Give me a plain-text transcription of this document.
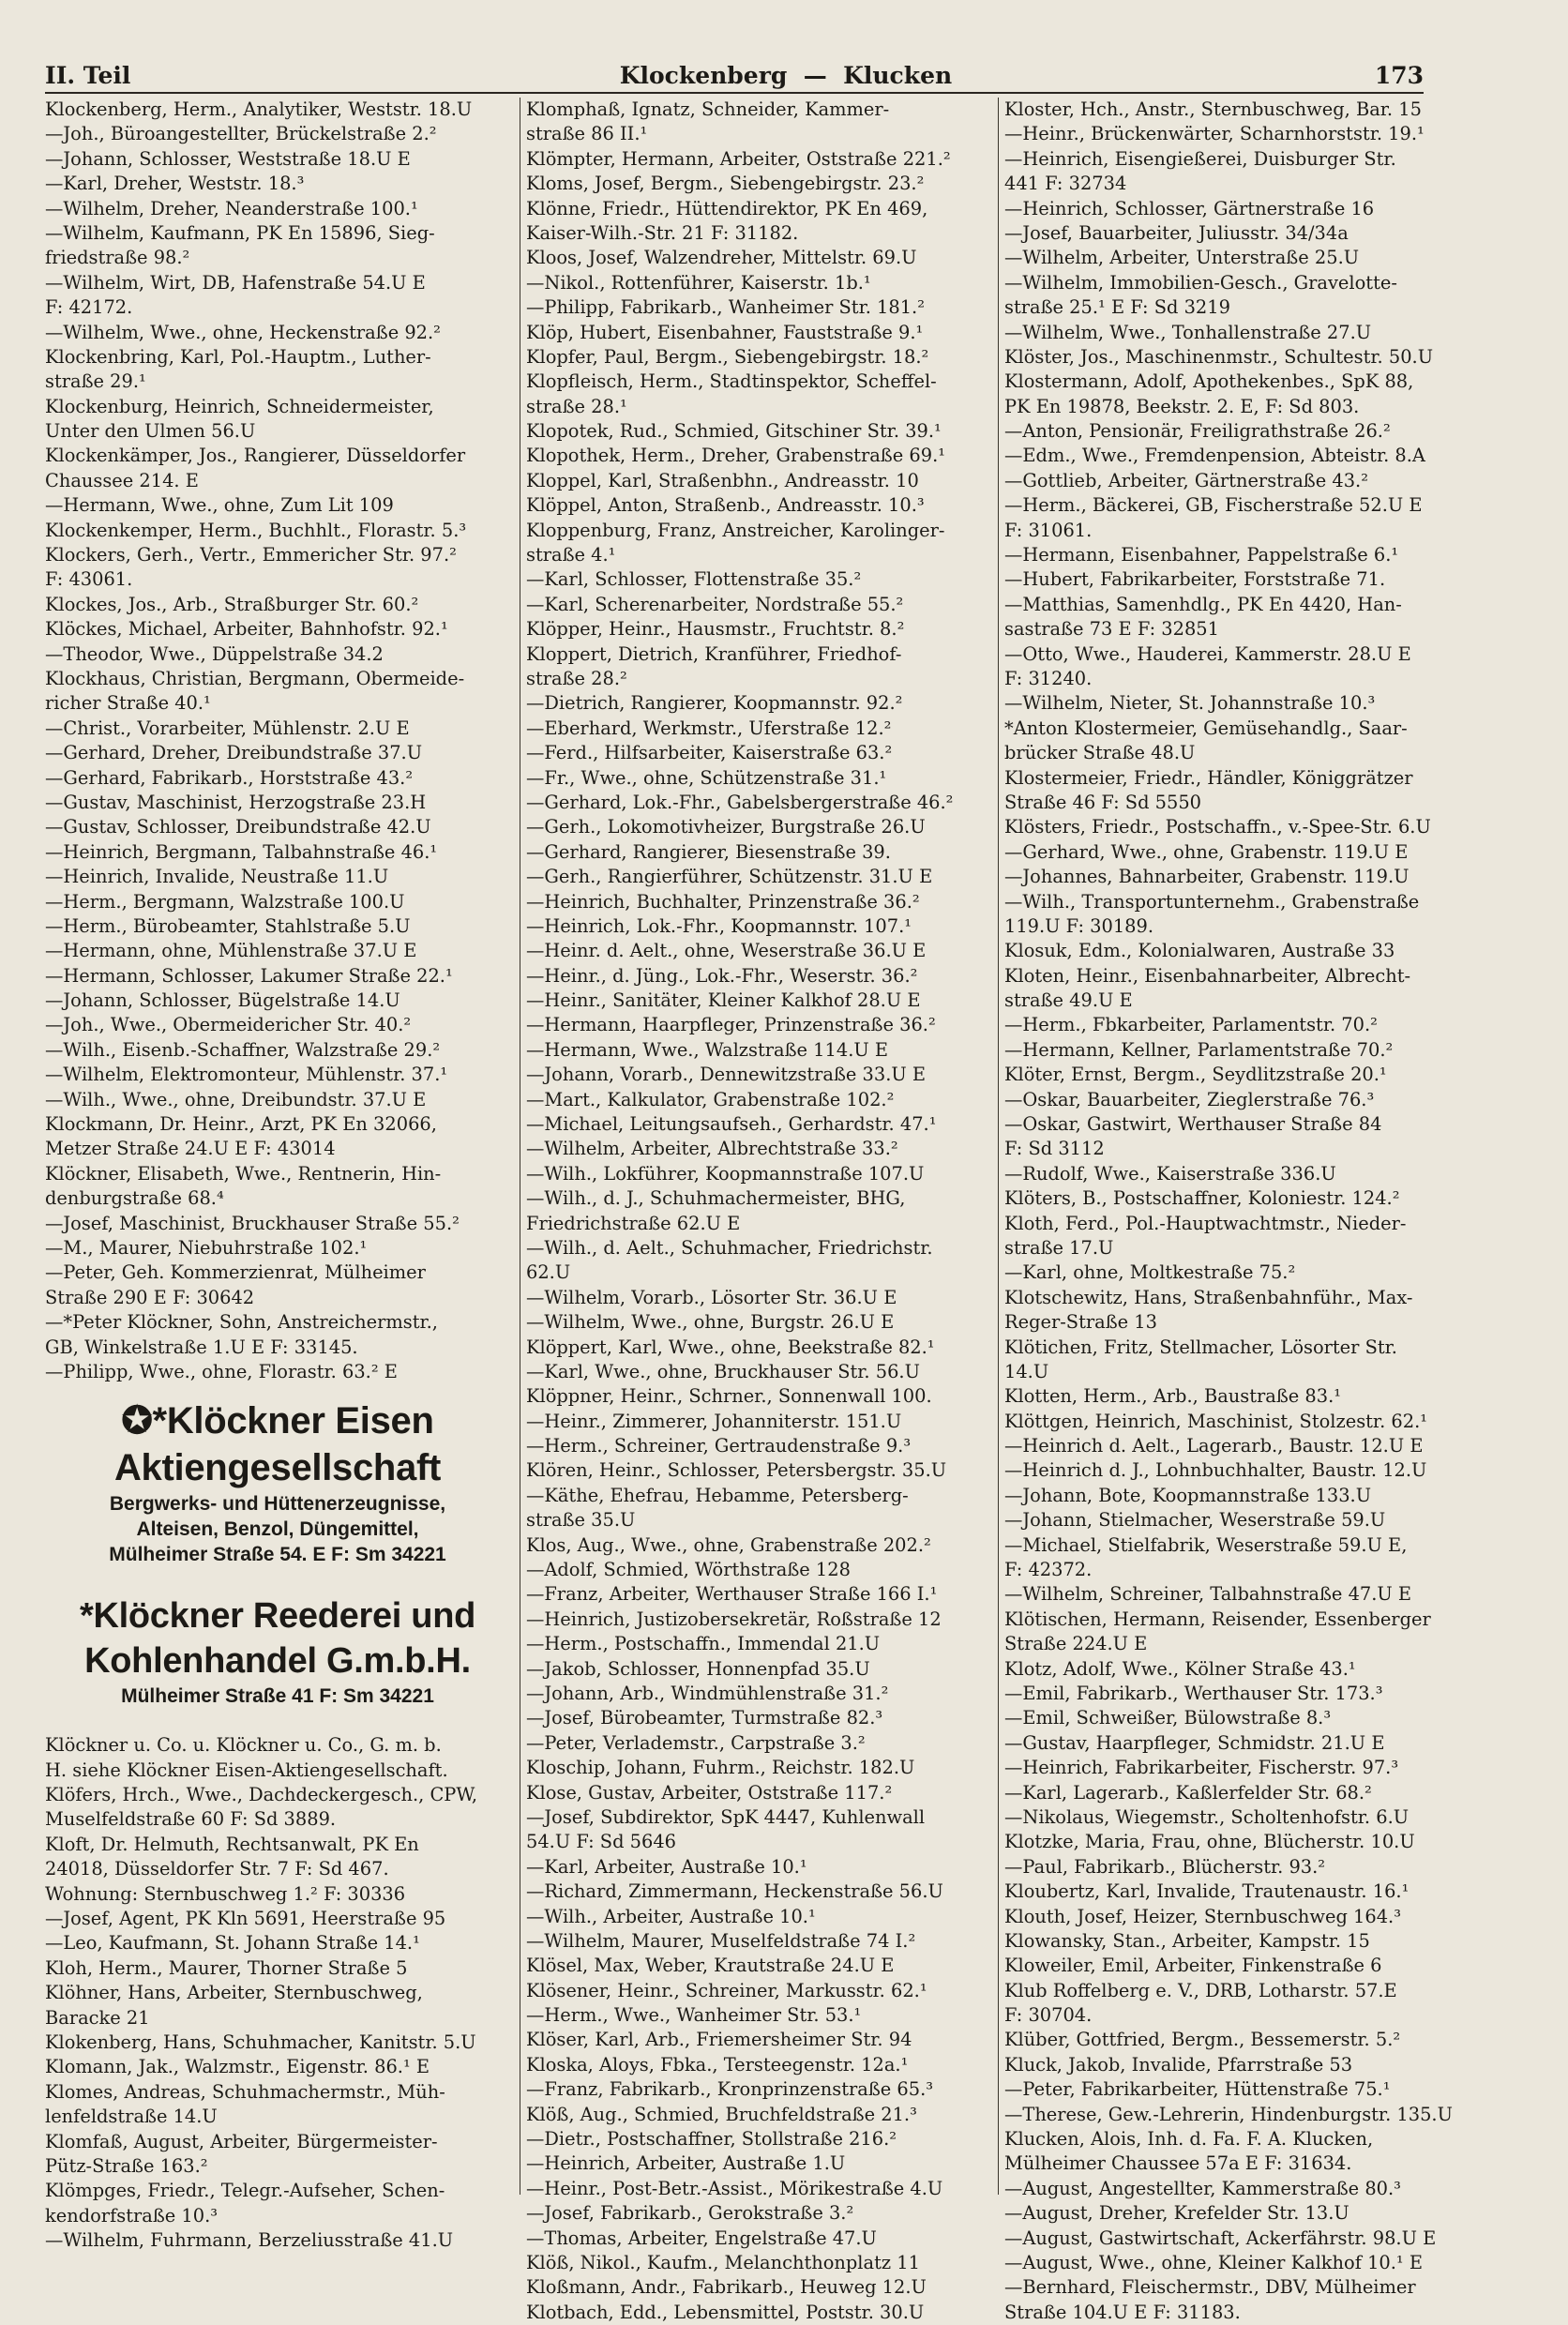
II. Teil	Klockenberg  —  Klucken	173
Klockenberg, Herm., Analytiker, Weststr. 18.U
—Joh., Büroangestellter, Brückelstraße 2.²
—Johann, Schlosser, Weststraße 18.U E
—Karl, Dreher, Weststr. 18.³
—Wilhelm, Dreher, Neanderstraße 100.¹
—Wilhelm, Kaufmann, PK En 15896, Sieg-
friedstraße 98.²
—Wilhelm, Wirt, DB, Hafenstraße 54.U E
F: 42172.
—Wilhelm, Wwe., ohne, Heckenstraße 92.²
Klockenbring, Karl, Pol.-Hauptm., Luther-
straße 29.¹
Klockenburg, Heinrich, Schneidermeister,
Unter den Ulmen 56.U
Klockenkämper, Jos., Rangierer, Düsseldorfer
Chaussee 214. E
—Hermann, Wwe., ohne, Zum Lit 109
Klockenkemper, Herm., Buchhlt., Florastr. 5.³
Klockers, Gerh., Vertr., Emmericher Str. 97.²
F: 43061.
Klockes, Jos., Arb., Straßburger Str. 60.²
Klöckes, Michael, Arbeiter, Bahnhofstr. 92.¹
—Theodor, Wwe., Düppelstraße 34.2
Klockhaus, Christian, Bergmann, Obermeide-
richer Straße 40.¹
—Christ., Vorarbeiter, Mühlenstr. 2.U E
—Gerhard, Dreher, Dreibundstraße 37.U
—Gerhard, Fabrikarb., Horststraße 43.²
—Gustav, Maschinist, Herzogstraße 23.H
—Gustav, Schlosser, Dreibundstraße 42.U
—Heinrich, Bergmann, Talbahnstraße 46.¹
—Heinrich, Invalide, Neustraße 11.U
—Herm., Bergmann, Walzstraße 100.U
—Herm., Bürobeamter, Stahlstraße 5.U
—Hermann, ohne, Mühlenstraße 37.U E
—Hermann, Schlosser, Lakumer Straße 22.¹
—Johann, Schlosser, Bügelstraße 14.U
—Joh., Wwe., Obermeidericher Str. 40.²
—Wilh., Eisenb.-Schaffner, Walzstraße 29.²
—Wilhelm, Elektromonteur, Mühlenstr. 37.¹
—Wilh., Wwe., ohne, Dreibundstr. 37.U E
Klockmann, Dr. Heinr., Arzt, PK En 32066,
Metzer Straße 24.U E F: 43014
Klöckner, Elisabeth, Wwe., Rentnerin, Hin-
denburgstraße 68.⁴
—Josef, Maschinist, Bruckhauser Straße 55.²
—M., Maurer, Niebuhrstraße 102.¹
—Peter, Geh. Kommerzienrat, Mülheimer
Straße 290 E F: 30642
—*Peter Klöckner, Sohn, Anstreichermstr.,
GB, Winkelstraße 1.U E F: 33145.
—Philipp, Wwe., ohne, Florastr. 63.² E
✪*Klöckner Eisen
Aktiengesellschaft
Bergwerks- und Hüttenerzeugnisse,
Alteisen, Benzol, Düngemittel,
Mülheimer Straße 54. E F: Sm 34221
*Klöckner Reederei und
Kohlenhandel G.m.b.H.
Mülheimer Straße 41 F: Sm 34221
Klöckner u. Co. u. Klöckner u. Co., G. m. b.
H. siehe Klöckner Eisen-Aktiengesellschaft.
Klöfers, Hrch., Wwe., Dachdeckergesch., CPW,
Muselfeldstraße 60 F: Sd 3889.
Kloft, Dr. Helmuth, Rechtsanwalt, PK En
24018, Düsseldorfer Str. 7 F: Sd 467.
Wohnung: Sternbuschweg 1.² F: 30336
—Josef, Agent, PK Kln 5691, Heerstraße 95
—Leo, Kaufmann, St. Johann Straße 14.¹
Kloh, Herm., Maurer, Thorner Straße 5
Klöhner, Hans, Arbeiter, Sternbuschweg,
Baracke 21
Klokenberg, Hans, Schuhmacher, Kanitstr. 5.U
Klomann, Jak., Walzmstr., Eigenstr. 86.¹ E
Klomes, Andreas, Schuhmachermstr., Müh-
lenfeldstraße 14.U
Klomfaß, August, Arbeiter, Bürgermeister-
Pütz-Straße 163.²
Klömpges, Friedr., Telegr.-Aufseher, Schen-
kendorfstraße 10.³
—Wilhelm, Fuhrmann, Berzeliusstraße 41.U
Klomphaß, Ignatz, Schneider, Kammer-
straße 86 II.¹
Klömpter, Hermann, Arbeiter, Oststraße 221.²
Kloms, Josef, Bergm., Siebengebirgstr. 23.²
Klönne, Friedr., Hüttendirektor, PK En 469,
Kaiser-Wilh.-Str. 21 F: 31182.
Kloos, Josef, Walzendreher, Mittelstr. 69.U
—Nikol., Rottenführer, Kaiserstr. 1b.¹
—Philipp, Fabrikarb., Wanheimer Str. 181.²
Klöp, Hubert, Eisenbahner, Fauststraße 9.¹
Klopfer, Paul, Bergm., Siebengebirgstr. 18.²
Klopfleisch, Herm., Stadtinspektor, Scheffel-
straße 28.¹
Klopotek, Rud., Schmied, Gitschiner Str. 39.¹
Klopothek, Herm., Dreher, Grabenstraße 69.¹
Kloppel, Karl, Straßenbhn., Andreasstr. 10
Klöppel, Anton, Straßenb., Andreasstr. 10.³
Kloppenburg, Franz, Anstreicher, Karolinger-
straße 4.¹
—Karl, Schlosser, Flottenstraße 35.²
—Karl, Scherenarbeiter, Nordstraße 55.²
Klöpper, Heinr., Hausmstr., Fruchtstr. 8.²
Kloppert, Dietrich, Kranführer, Friedhof-
straße 28.²
—Dietrich, Rangierer, Koopmannstr. 92.²
—Eberhard, Werkmstr., Uferstraße 12.²
—Ferd., Hilfsarbeiter, Kaiserstraße 63.²
—Fr., Wwe., ohne, Schützenstraße 31.¹
—Gerhard, Lok.-Fhr., Gabelsbergerstraße 46.²
—Gerh., Lokomotivheizer, Burgstraße 26.U
—Gerhard, Rangierer, Biesenstraße 39.
—Gerh., Rangierführer, Schützenstr. 31.U E
—Heinrich, Buchhalter, Prinzenstraße 36.²
—Heinrich, Lok.-Fhr., Koopmannstr. 107.¹
—Heinr. d. Aelt., ohne, Weserstraße 36.U E
—Heinr., d. Jüng., Lok.-Fhr., Weserstr. 36.²
—Heinr., Sanitäter, Kleiner Kalkhof 28.U E
—Hermann, Haarpfleger, Prinzenstraße 36.²
—Hermann, Wwe., Walzstraße 114.U E
—Johann, Vorarb., Dennewitzstraße 33.U E
—Mart., Kalkulator, Grabenstraße 102.²
—Michael, Leitungsaufseh., Gerhardstr. 47.¹
—Wilhelm, Arbeiter, Albrechtstraße 33.²
—Wilh., Lokführer, Koopmannstraße 107.U
—Wilh., d. J., Schuhmachermeister, BHG,
Friedrichstraße 62.U E
—Wilh., d. Aelt., Schuhmacher, Friedrichstr.
62.U
—Wilhelm, Vorarb., Lösorter Str. 36.U E
—Wilhelm, Wwe., ohne, Burgstr. 26.U E
Klöppert, Karl, Wwe., ohne, Beekstraße 82.¹
—Karl, Wwe., ohne, Bruckhauser Str. 56.U
Klöppner, Heinr., Schrner., Sonnenwall 100.
—Heinr., Zimmerer, Johanniterstr. 151.U
—Herm., Schreiner, Gertraudenstraße 9.³
Klören, Heinr., Schlosser, Petersbergstr. 35.U
—Käthe, Ehefrau, Hebamme, Petersberg-
straße 35.U
Klos, Aug., Wwe., ohne, Grabenstraße 202.²
—Adolf, Schmied, Wörthstraße 128
—Franz, Arbeiter, Werthauser Straße 166 I.¹
—Heinrich, Justizobersekretär, Roßstraße 12
—Herm., Postschaffn., Immendal 21.U
—Jakob, Schlosser, Honnenpfad 35.U
—Johann, Arb., Windmühlenstraße 31.²
—Josef, Bürobeamter, Turmstraße 82.³
—Peter, Verlademstr., Carpstraße 3.²
Kloschip, Johann, Fuhrm., Reichstr. 182.U
Klose, Gustav, Arbeiter, Oststraße 117.²
—Josef, Subdirektor, SpK 4447, Kuhlenwall
54.U F: Sd 5646
—Karl, Arbeiter, Austraße 10.¹
—Richard, Zimmermann, Heckenstraße 56.U
—Wilh., Arbeiter, Austraße 10.¹
—Wilhelm, Maurer, Muselfeldstraße 74 I.²
Klösel, Max, Weber, Krautstraße 24.U E
Klösener, Heinr., Schreiner, Markusstr. 62.¹
—Herm., Wwe., Wanheimer Str. 53.¹
Klöser, Karl, Arb., Friemersheimer Str. 94
Kloska, Aloys, Fbka., Tersteegenstr. 12a.¹
—Franz, Fabrikarb., Kronprinzenstraße 65.³
Klöß, Aug., Schmied, Bruchfeldstraße 21.³
—Dietr., Postschaffner, Stollstraße 216.²
—Heinrich, Arbeiter, Austraße 1.U
—Heinr., Post-Betr.-Assist., Mörikestraße 4.U
—Josef, Fabrikarb., Gerokstraße 3.²
—Thomas, Arbeiter, Engelstraße 47.U
Klöß, Nikol., Kaufm., Melanchthonplatz 11
Kloßmann, Andr., Fabrikarb., Heuweg 12.U
Klotbach, Edd., Lebensmittel, Poststr. 30.U
Kloster, Hch., Anstr., Sternbuschweg, Bar. 15
—Heinr., Brückenwärter, Scharnhorststr. 19.¹
—Heinrich, Eisengießerei, Duisburger Str.
441 F: 32734
—Heinrich, Schlosser, Gärtnerstraße 16
—Josef, Bauarbeiter, Juliusstr. 34/34a
—Wilhelm, Arbeiter, Unterstraße 25.U
—Wilhelm, Immobilien-Gesch., Gravelotte-
straße 25.¹ E F: Sd 3219
—Wilhelm, Wwe., Tonhallenstraße 27.U
Klöster, Jos., Maschinenmstr., Schultestr. 50.U
Klostermann, Adolf, Apothekenbes., SpK 88,
PK En 19878, Beekstr. 2. E, F: Sd 803.
—Anton, Pensionär, Freiligrathstraße 26.²
—Edm., Wwe., Fremdenpension, Abteistr. 8.A
—Gottlieb, Arbeiter, Gärtnerstraße 43.²
—Herm., Bäckerei, GB, Fischerstraße 52.U E
F: 31061.
—Hermann, Eisenbahner, Pappelstraße 6.¹
—Hubert, Fabrikarbeiter, Forststraße 71.
—Matthias, Samenhdlg., PK En 4420, Han-
sastraße 73 E F: 32851
—Otto, Wwe., Hauderei, Kammerstr. 28.U E
F: 31240.
—Wilhelm, Nieter, St. Johannstraße 10.³
*Anton Klostermeier, Gemüsehandlg., Saar-
brücker Straße 48.U
Klostermeier, Friedr., Händler, Königgrätzer
Straße 46 F: Sd 5550
Klösters, Friedr., Postschaffn., v.-Spee-Str. 6.U
—Gerhard, Wwe., ohne, Grabenstr. 119.U E
—Johannes, Bahnarbeiter, Grabenstr. 119.U
—Wilh., Transportunternehm., Grabenstraße
119.U F: 30189.
Klosuk, Edm., Kolonialwaren, Austraße 33
Kloten, Heinr., Eisenbahnarbeiter, Albrecht-
straße 49.U E
—Herm., Fbkarbeiter, Parlamentstr. 70.²
—Hermann, Kellner, Parlamentstraße 70.²
Klöter, Ernst, Bergm., Seydlitzstraße 20.¹
—Oskar, Bauarbeiter, Zieglerstraße 76.³
—Oskar, Gastwirt, Werthauser Straße 84
F: Sd 3112
—Rudolf, Wwe., Kaiserstraße 336.U
Klöters, B., Postschaffner, Koloniestr. 124.²
Kloth, Ferd., Pol.-Hauptwachtmstr., Nieder-
straße 17.U
—Karl, ohne, Moltkestraße 75.²
Klotschewitz, Hans, Straßenbahnführ., Max-
Reger-Straße 13
Klötichen, Fritz, Stellmacher, Lösorter Str.
14.U
Klotten, Herm., Arb., Baustraße 83.¹
Klöttgen, Heinrich, Maschinist, Stolzestr. 62.¹
—Heinrich d. Aelt., Lagerarb., Baustr. 12.U E
—Heinrich d. J., Lohnbuchhalter, Baustr. 12.U
—Johann, Bote, Koopmannstraße 133.U
—Johann, Stielmacher, Weserstraße 59.U
—Michael, Stielfabrik, Weserstraße 59.U E,
F: 42372.
—Wilhelm, Schreiner, Talbahnstraße 47.U E
Klötischen, Hermann, Reisender, Essenberger
Straße 224.U E
Klotz, Adolf, Wwe., Kölner Straße 43.¹
—Emil, Fabrikarb., Werthauser Str. 173.³
—Emil, Schweißer, Bülowstraße 8.³
—Gustav, Haarpfleger, Schmidstr. 21.U E
—Heinrich, Fabrikarbeiter, Fischerstr. 97.³
—Karl, Lagerarb., Kaßlerfelder Str. 68.²
—Nikolaus, Wiegemstr., Scholtenhofstr. 6.U
Klotzke, Maria, Frau, ohne, Blücherstr. 10.U
—Paul, Fabrikarb., Blücherstr. 93.²
Kloubertz, Karl, Invalide, Trautenaustr. 16.¹
Klouth, Josef, Heizer, Sternbuschweg 164.³
Klowansky, Stan., Arbeiter, Kampstr. 15
Kloweiler, Emil, Arbeiter, Finkenstraße 6
Klub Roffelberg e. V., DRB, Lotharstr. 57.E
F: 30704.
Klüber, Gottfried, Bergm., Bessemerstr. 5.²
Kluck, Jakob, Invalide, Pfarrstraße 53
—Peter, Fabrikarbeiter, Hüttenstraße 75.¹
—Therese, Gew.-Lehrerin, Hindenburgstr. 135.U
Klucken, Alois, Inh. d. Fa. F. A. Klucken,
Mülheimer Chaussee 57a E F: 31634.
—August, Angestellter, Kammerstraße 80.³
—August, Dreher, Krefelder Str. 13.U
—August, Gastwirtschaft, Ackerfährstr. 98.U E
—August, Wwe., ohne, Kleiner Kalkhof 10.¹ E
—Bernhard, Fleischermstr., DBV, Mülheimer
Straße 104.U E F: 31183.
